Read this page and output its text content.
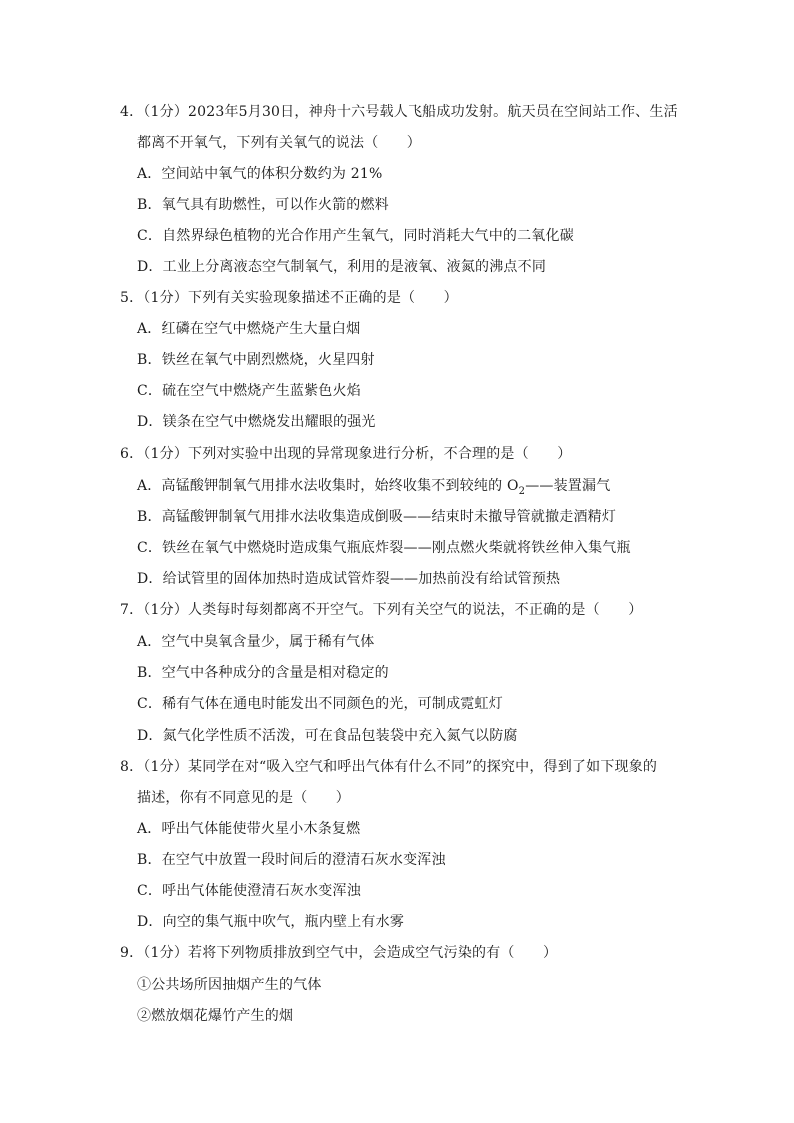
4．（1分）2023年5月30日，神舟十六号载人飞船成功发射。航天员在空间站工作、生活
都离不开氧气，下列有关氧气的说法（　　）
A．空间站中氧气的体积分数约为 21%
B．氧气具有助燃性，可以作火箭的燃料
C．自然界绿色植物的光合作用产生氧气，同时消耗大气中的二氧化碳
D．工业上分离液态空气制氧气，利用的是液氧、液氮的沸点不同
5．（1分）下列有关实验现象描述不正确的是（　　）
A．红磷在空气中燃烧产生大量白烟
B．铁丝在氧气中剧烈燃烧，火星四射
C．硫在空气中燃烧产生蓝紫色火焰
D．镁条在空气中燃烧发出耀眼的强光
6．（1分）下列对实验中出现的异常现象进行分析，不合理的是（　　）
A．高锰酸钾制氧气用排水法收集时，始终收集不到较纯的 $O_2——$装置漏气
B．高锰酸钾制氧气用排水法收集造成倒吸——结束时未撤导管就撤走酒精灯
C．铁丝在氧气中燃烧时造成集气瓶底炸裂——刚点燃火柴就将铁丝伸入集气瓶
D．给试管里的固体加热时造成试管炸裂——加热前没有给试管预热
7．（1分）人类每时每刻都离不开空气。下列有关空气的说法，不正确的是（　　）
A．空气中臭氧含量少，属于稀有气体
B．空气中各种成分的含量是相对稳定的
C．稀有气体在通电时能发出不同颜色的光，可制成霓虹灯
D．氮气化学性质不活泼，可在食品包装袋中充入氮气以防腐
8．（1分）某同学在对“吸入空气和呼出气体有什么不同”的探究中，得到了如下现象的
描述，你有不同意见的是（　　）
A．呼出气体能使带火星小木条复燃
B．在空气中放置一段时间后的澄清石灰水变浑浊
C．呼出气体能使澄清石灰水变浑浊
D．向空的集气瓶中吹气，瓶内壁上有水雾
9．（1分）若将下列物质排放到空气中，会造成空气污染的有（　　）
①公共场所因抽烟产生的气体
②燃放烟花爆竹产生的烟
